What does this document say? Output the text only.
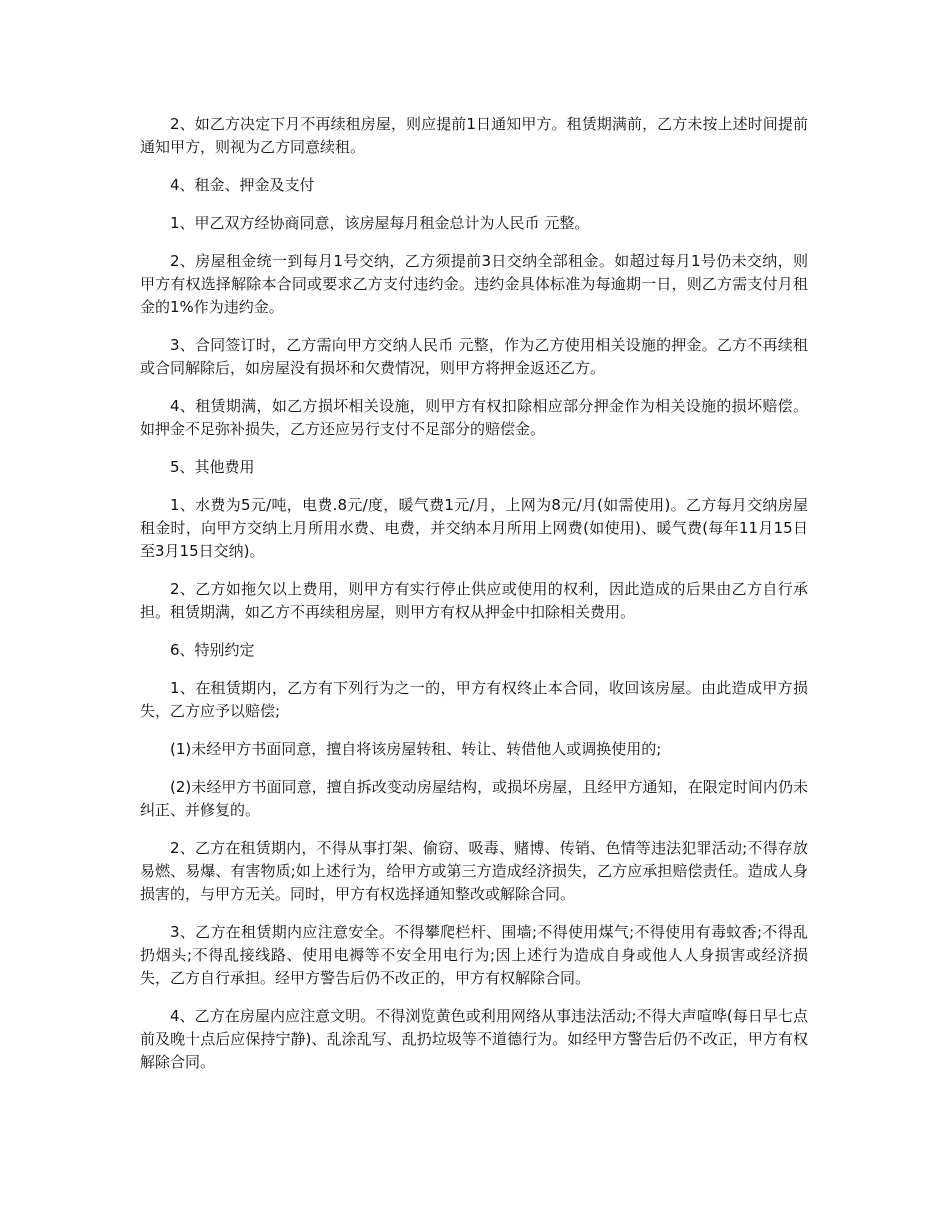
2、如乙方决定下月不再续租房屋，则应提前1日通知甲方。租赁期满前，乙方未按上述时间提前通知甲方，则视为乙方同意续租。

4、租金、押金及支付

1、甲乙双方经协商同意，该房屋每月租金总计为人民币 元整。

2、房屋租金统一到每月1号交纳，乙方须提前3日交纳全部租金。如超过每月1号仍未交纳，则甲方有权选择解除本合同或要求乙方支付违约金。违约金具体标准为每逾期一日，则乙方需支付月租金的1%作为违约金。

3、合同签订时，乙方需向甲方交纳人民币 元整，作为乙方使用相关设施的押金。乙方不再续租或合同解除后，如房屋没有损坏和欠费情况，则甲方将押金返还乙方。

4、租赁期满，如乙方损坏相关设施，则甲方有权扣除相应部分押金作为相关设施的损坏赔偿。如押金不足弥补损失，乙方还应另行支付不足部分的赔偿金。

5、其他费用

1、水费为5元/吨，电费.8元/度，暖气费1元/月，上网为8元/月(如需使用)。乙方每月交纳房屋租金时，向甲方交纳上月所用水费、电费，并交纳本月所用上网费(如使用)、暖气费(每年11月15日至3月15日交纳)。

2、乙方如拖欠以上费用，则甲方有实行停止供应或使用的权利，因此造成的后果由乙方自行承担。租赁期满，如乙方不再续租房屋，则甲方有权从押金中扣除相关费用。

6、特别约定

1、在租赁期内，乙方有下列行为之一的，甲方有权终止本合同，收回该房屋。由此造成甲方损失，乙方应予以赔偿;

(1)未经甲方书面同意，擅自将该房屋转租、转让、转借他人或调换使用的;

(2)未经甲方书面同意，擅自拆改变动房屋结构，或损坏房屋，且经甲方通知，在限定时间内仍未纠正、并修复的。

2、乙方在租赁期内，不得从事打架、偷窃、吸毒、赌博、传销、色情等违法犯罪活动;不得存放易燃、易爆、有害物质;如上述行为，给甲方或第三方造成经济损失，乙方应承担赔偿责任。造成人身损害的，与甲方无关。同时，甲方有权选择通知整改或解除合同。

3、乙方在租赁期内应注意安全。不得攀爬栏杆、围墙;不得使用煤气;不得使用有毒蚊香;不得乱扔烟头;不得乱接线路、使用电褥等不安全用电行为;因上述行为造成自身或他人人身损害或经济损失，乙方自行承担。经甲方警告后仍不改正的，甲方有权解除合同。

4、乙方在房屋内应注意文明。不得浏览黄色或利用网络从事违法活动;不得大声喧哗(每日早七点前及晚十点后应保持宁静)、乱涂乱写、乱扔垃圾等不道德行为。如经甲方警告后仍不改正，甲方有权解除合同。
